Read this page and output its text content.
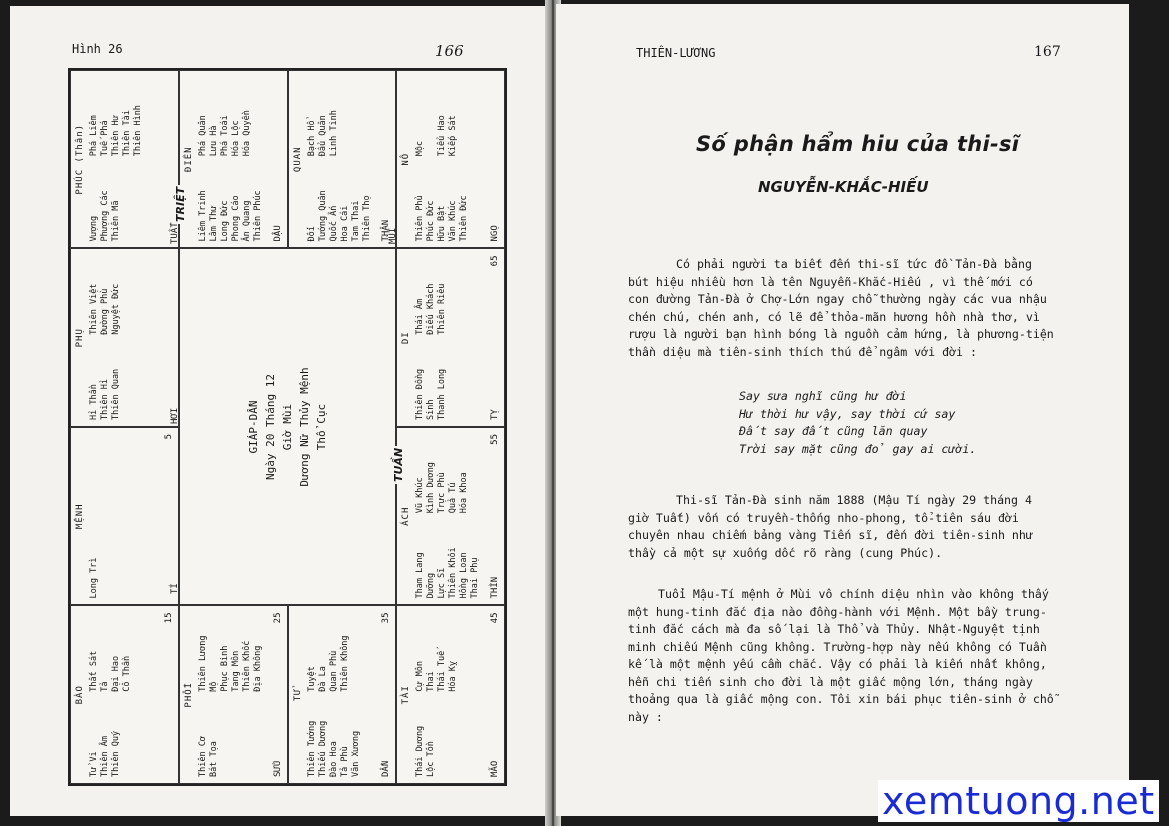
Hình 26	166
BÀO
Tử Vi
Thất Sát
Thiên Âm
Tả
Thiên Quý
Đại Hao Cô Thần
15
MỆNH
Long Trì
5
PHỤ
Hỉ Thần
Thiên Việt
Thiên Hỉ
Đường Phù
Thiên Quan
Nguyệt Đức
PHÚC (Thân)
Vượng
Phá Liêm
Phượng Các
Tuế Phá
Thiên Mã
Thiên Hư Thiên Tài Thiên Hình
PHỐI
Thiên Cơ
Thiên Lương
Bát Tọa
Mộ Phục Binh Tang Môn Thiên Khốc Địa Không
SỬU
25
GIÁP-DẦN Ngày 20 Tháng 12 Giờ Mùi Dương Nữ Thủy Mệnh Thổ Cục
ĐIỀN
Liêm Trinh
Phá Quân
Lâm Thư
Lưu Hà
Long Đức
Phá Toái
Phong Cáo
Hóa Lộc
Ân Quang
Hóa Quyền
Thiên Phúc DẬU
TỬ
Thiên Tướng
Tuyệt
Thiếu Dương
Đà La
Đào Hoa
Quan Phù
Tả Phù
Thiên Không
Văn Xương DẦN
35
QUAN
Đối
Bạch Hổ
Tướng Quân
Đẩu Quân
Quốc Ấn
Linh Tinh
Hoa Cái Tam Thai Thiên Thọ THÂN
TÀI
Thái Dương
Cự Môn
Lộc Tồn
Thai Thái Tuế Hóa Kỵ
MÃO
45
ÁCH
Tham Lang
Vũ Khúc
Dưỡng
Kình Dương
Lực Sĩ
Trực Phù
Thiên Khôi
Quả Tú
Hồng Loan
Hóa Khoa
Thai Phụ THÌN
55
DI
Thiên Đồng
Thái Âm
Sinh
Điếu Khách
Thanh Long
Thiên Riêu
TỴ
65
NÔ
Thiên Phủ
Mộc
Phúc Đức Hữu Bật
Tiểu Hao
Văn Khúc
Kiếp Sát
Thiên Đức NGỌ
TRIỆT
TUẦN
HỢI
TUẤT	MÙI
TÍ
THIÊN-LƯƠNG	167
Số phận hẩm hiu của thi-sĩ
NGUYỄN-KHẮC-HIẾU
Có phải người ta biết đến thi-sĩ tức đồ Tản-Đà bằng bút hiệu nhiều hơn là tên Nguyễn-Khắc-Hiếu , vì thế mới có con đường Tản-Đà ở Chợ-Lớn ngay chỗ thường ngày các vua nhậu chén chú, chén anh, có lẽ để thỏa-mãn hương hồn nhà thơ, vì rượu là người bạn hình bóng là nguồn cảm hứng, là phương-tiện thần diệu mà tiên-sinh thích thú để ngâm với đời :
Say sưa nghĩ cũng hư đời
Hư thời hư vậy, say thời cứ say
Đất say đất cũng lăn quay
Trời say mặt cũng đỏ gay ai cười.
Thi-sĩ Tản-Đà sinh năm 1888 (Mậu Tí ngày 29 tháng 4 giờ Tuất) vốn có truyền-thống nho-phong, tổ-tiên sáu đời chuyên nhau chiếm bảng vàng Tiến sĩ, đến đời tiên-sinh như thầy cả một sự xuống dốc rõ ràng (cung Phúc).
Tuổi Mậu-Tí mệnh ở Mùi vô chính diệu nhìn vào không thấy một hung-tinh đắc địa nào đồng-hành với Mệnh. Một bầy trung-tinh đắc cách mà đa số lại là Thổ và Thủy. Nhật-Nguyệt tịnh minh chiếu Mệnh cũng không. Trường-hợp này nếu không có Tuần kế là một mệnh yếu cầm chắc. Vậy có phải là kiến nhất không, hễn chi tiến sinh cho đời là một giấc mộng lớn, tháng ngày thoảng qua là giấc mộng con. Tôi xin bái phục tiên-sinh ở chỗ này :
xemtuong.net
